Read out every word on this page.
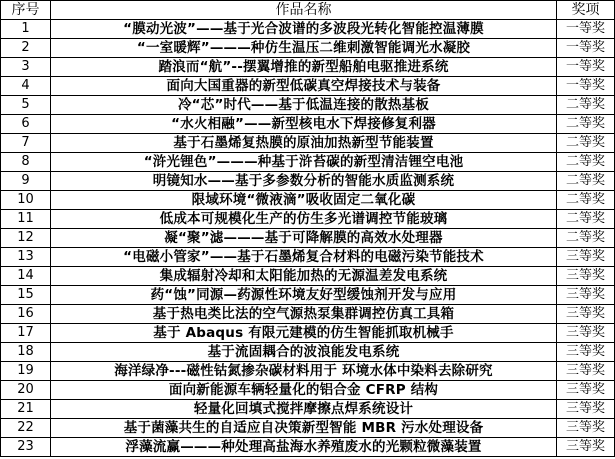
序号	作品名称	奖项
1	“膜动光波”——基于光合波谱的多波段光转化智能控温薄膜	一等奖
2	“一室暖辉”———种仿生温压二维刺激智能调光水凝胶	一等奖
3	踏浪而“航”--摆翼增推的新型船舶电驱推进系统	一等奖
4	面向大国重器的新型低碳真空焊接技术与装备	一等奖
5	冷“芯”时代——基于低温连接的散热基板	二等奖
6	“水火相融”——新型核电水下焊接修复利器	二等奖
7	基于石墨烯复热膜的原油加热新型节能装置	二等奖
8	“浒光锂色”———种基于浒苔碳的新型清洁锂空电池	二等奖
9	明镜知水——基于多参数分析的智能水质监测系统	二等奖
10	限域环境“微液滴”吸收固定二氧化碳	二等奖
11	低成本可规模化生产的仿生多光谱调控节能玻璃	二等奖
12	凝“聚”滤———基于可降解膜的高效水处理器	二等奖
13	“电磁小管家”——基于石墨烯复合材料的电磁污染节能技术	三等奖
14	集成辐射冷却和太阳能加热的无源温差发电系统	三等奖
15	药“蚀”同源—药源性环境友好型缓蚀剂开发与应用	三等奖
16	基于热电类比法的空气源热泵集群调控仿真工具箱	三等奖
17	基于 Abaqus 有限元建模的仿生智能抓取机械手	三等奖
18	基于流固耦合的波浪能发电系统	三等奖
19	海洋绿净---磁性钴氮掺杂碳材料用于 环境水体中染料去除研究	三等奖
20	面向新能源车辆轻量化的铝合金 CFRP 结构	三等奖
21	轻量化回填式搅拌摩擦点焊系统设计	三等奖
22	基于菌藻共生的自适应自决策新型智能 MBR 污水处理设备	三等奖
23	浮藻流赢———种处理高盐海水养殖废水的光颗粒微藻装置	三等奖
